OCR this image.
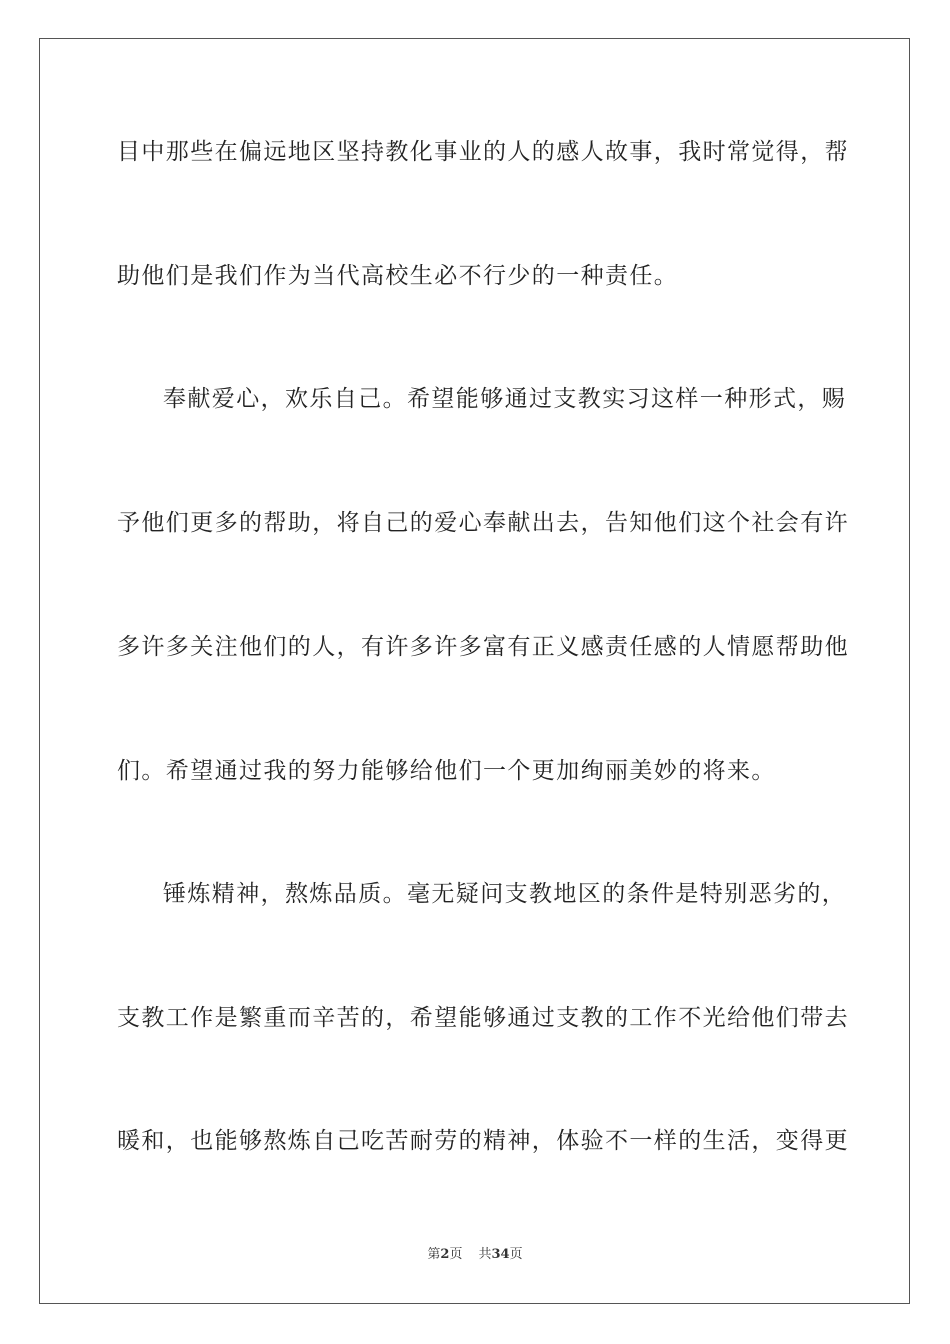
目中那些在偏远地区坚持教化事业的人的感人故事，我时常觉得，帮
助他们是我们作为当代高校生必不行少的一种责任。
奉献爱心，欢乐自己。希望能够通过支教实习这样一种形式，赐
予他们更多的帮助，将自己的爱心奉献出去，告知他们这个社会有许
多许多关注他们的人，有许多许多富有正义感责任感的人情愿帮助他
们。希望通过我的努力能够给他们一个更加绚丽美妙的将来。
锤炼精神，熬炼品质。毫无疑问支教地区的条件是特别恶劣的，
支教工作是繁重而辛苦的，希望能够通过支教的工作不光给他们带去
暖和，也能够熬炼自己吃苦耐劳的精神，体验不一样的生活，变得更
第2页 共34页
